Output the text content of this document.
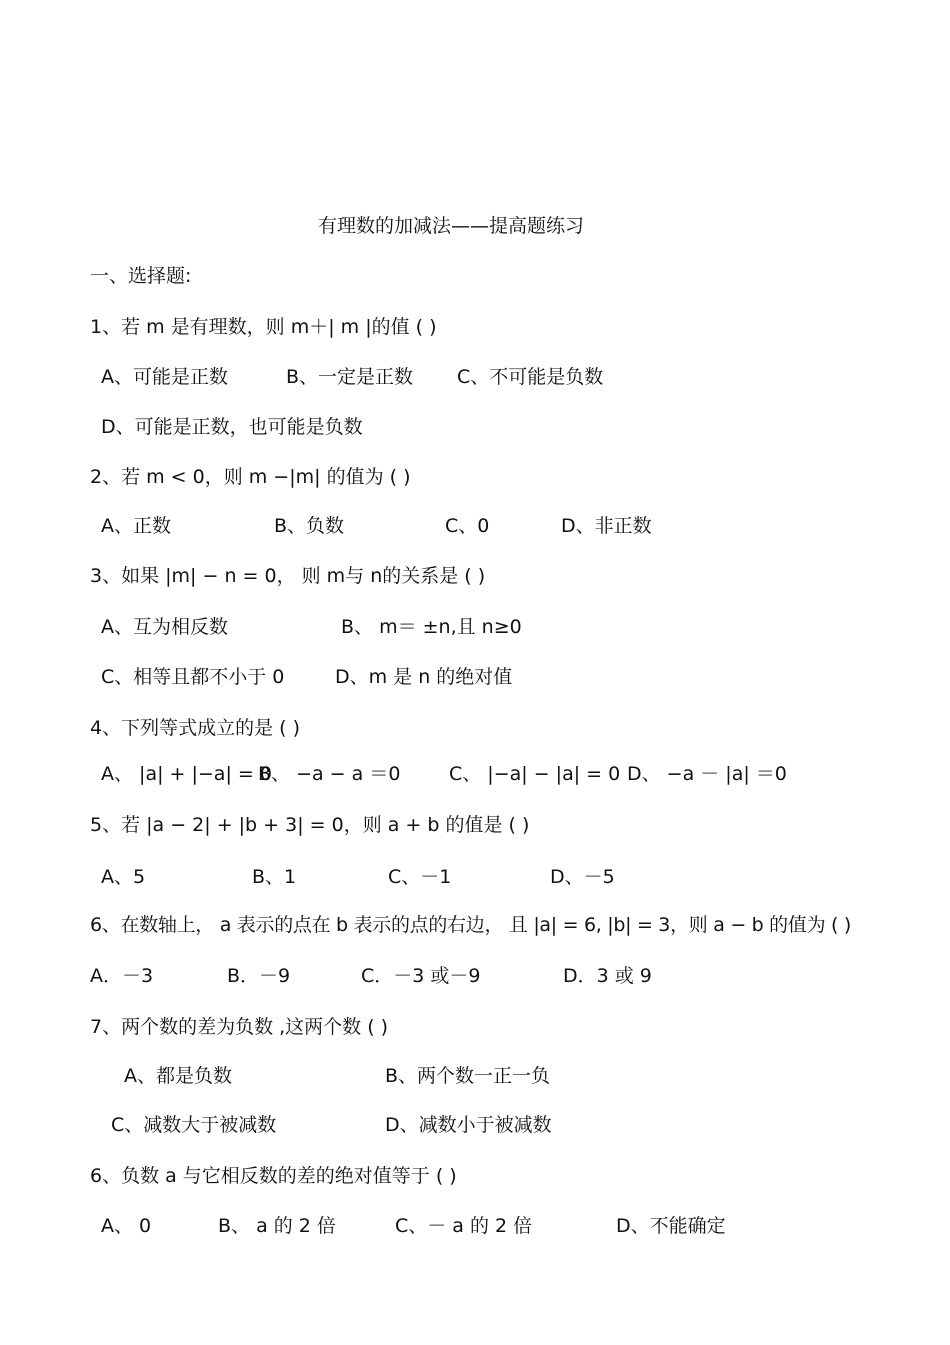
有理数的加减法——提高题练习
一、选择题:
1、若 m 是有理数，则 m＋| m |的值 ( )
A、可能是正数	B、一定是正数 C、不可能是负数
D、可能是正数，也可能是负数
2、若 m < 0，则 m −|m| 的值为 ( )
A、正数	B、负数	C、0	D、非正数
3、如果 |m| − n = 0， 则 m与 n的关系是 ( )
A、互为相反数	B、 m＝ ±n,且 n≥0
C、相等且都不小于 0	D、m 是 n 的绝对值
4、下列等式成立的是 ( )
A、 |a| + |−a| = 0
B、 −a − a ＝0	C、 |−a| − |a| = 0 D、 −a － |a| ＝0
5、若 |a − 2| + |b + 3| = 0，则 a + b 的值是 ( )
A、5	B、1	C、－1	D、－5
6、在数轴上， a 表示的点在 b 表示的点的右边， 且 |a| = 6, |b| = 3，则 a − b 的值为 ( )
A．－3	B．－9	C．－3 或－9	D．3 或 9
7、两个数的差为负数 ,这两个数 ( )
A、都是负数	B、两个数一正一负
C、减数大于被减数	D、减数小于被减数
6、负数 a 与它相反数的差的绝对值等于 ( )
A、 0	B、 a 的 2 倍	C、－ a 的 2 倍	D、不能确定
